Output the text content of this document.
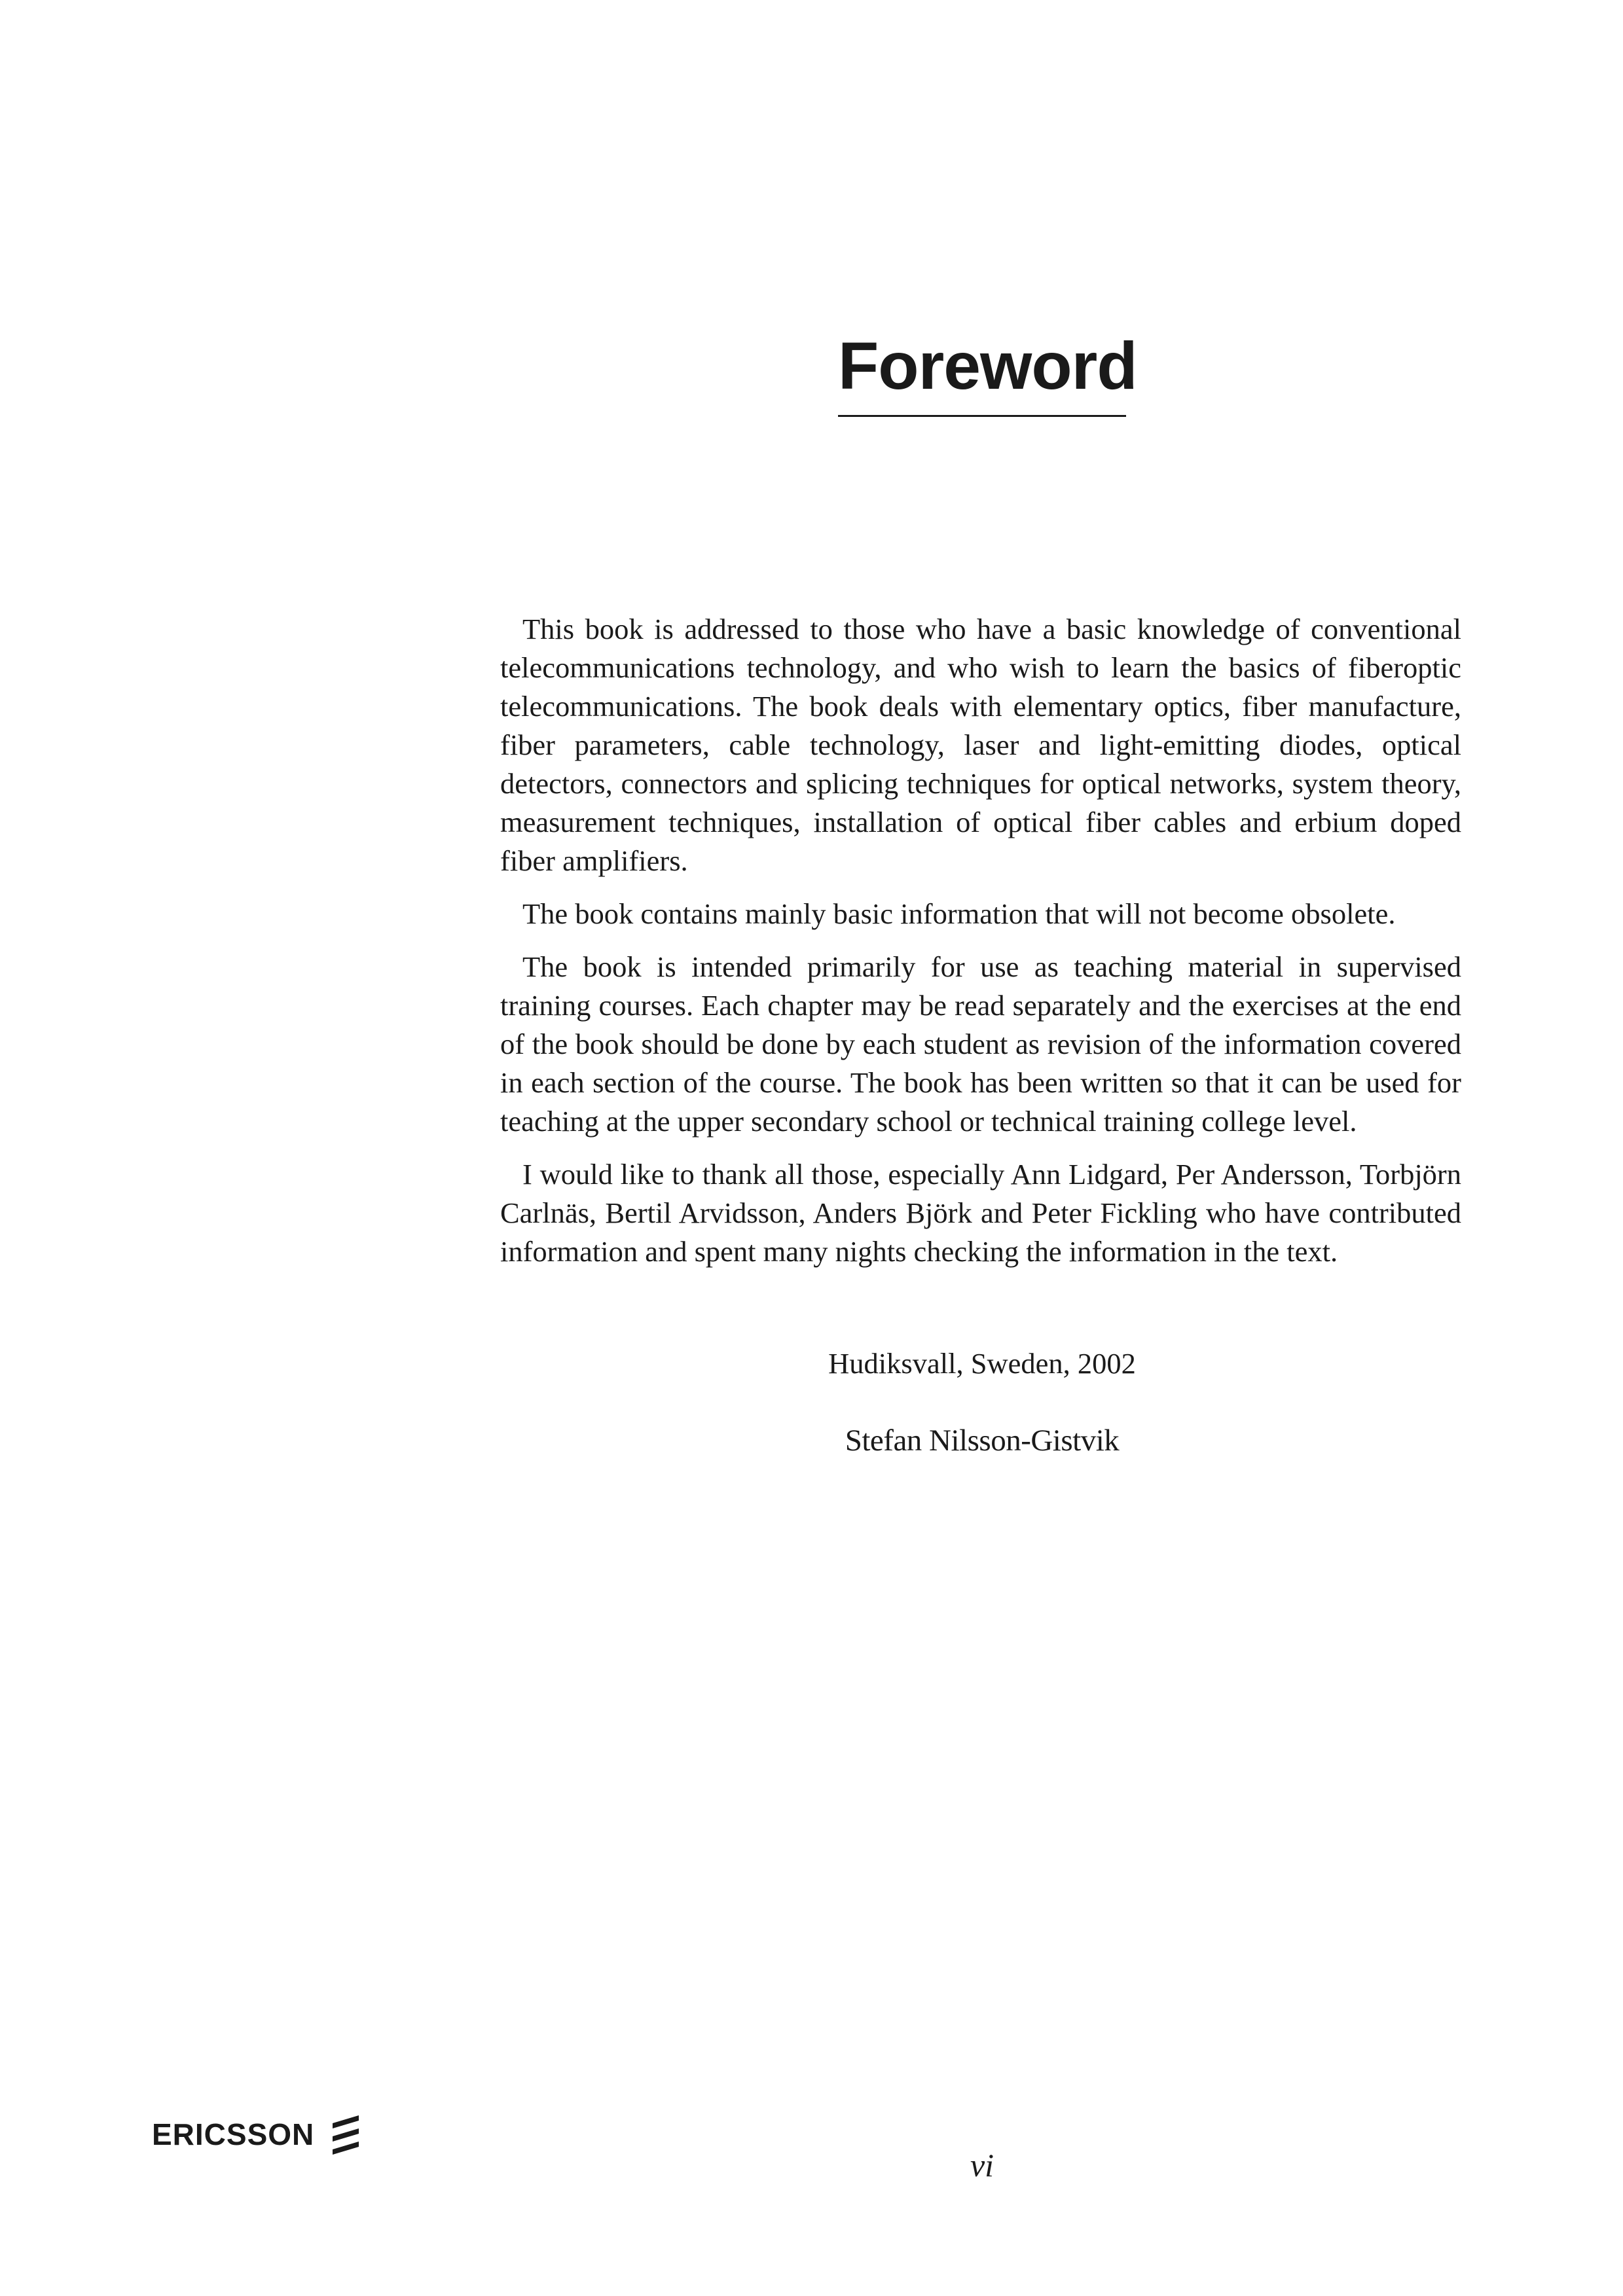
Foreword

This book is addressed to those who have a basic knowledge of conventional telecommunications technology, and who wish to learn the basics of fiberoptic telecommunications. The book deals with elementary optics, fiber manufacture, fiber parameters, cable technology, laser and light-emitting diodes, optical detectors, connectors and splicing techniques for optical networks, system theory, measurement techniques, installation of optical fiber cables and erbium doped fiber amplifiers.

The book contains mainly basic information that will not become obsolete.

The book is intended primarily for use as teaching material in supervised training courses. Each chapter may be read separately and the exercises at the end of the book should be done by each student as revision of the information covered in each section of the course. The book has been written so that it can be used for teaching at the upper secondary school or technical training college level.

I would like to thank all those, especially Ann Lidgard, Per Andersson, Torbjörn Carlnäs, Bertil Arvidsson, Anders Björk and Peter Fickling who have contributed information and spent many nights checking the information in the text.

Hudiksvall, Sweden, 2002

Stefan Nilsson-Gistvik

ERICSSON
vi
